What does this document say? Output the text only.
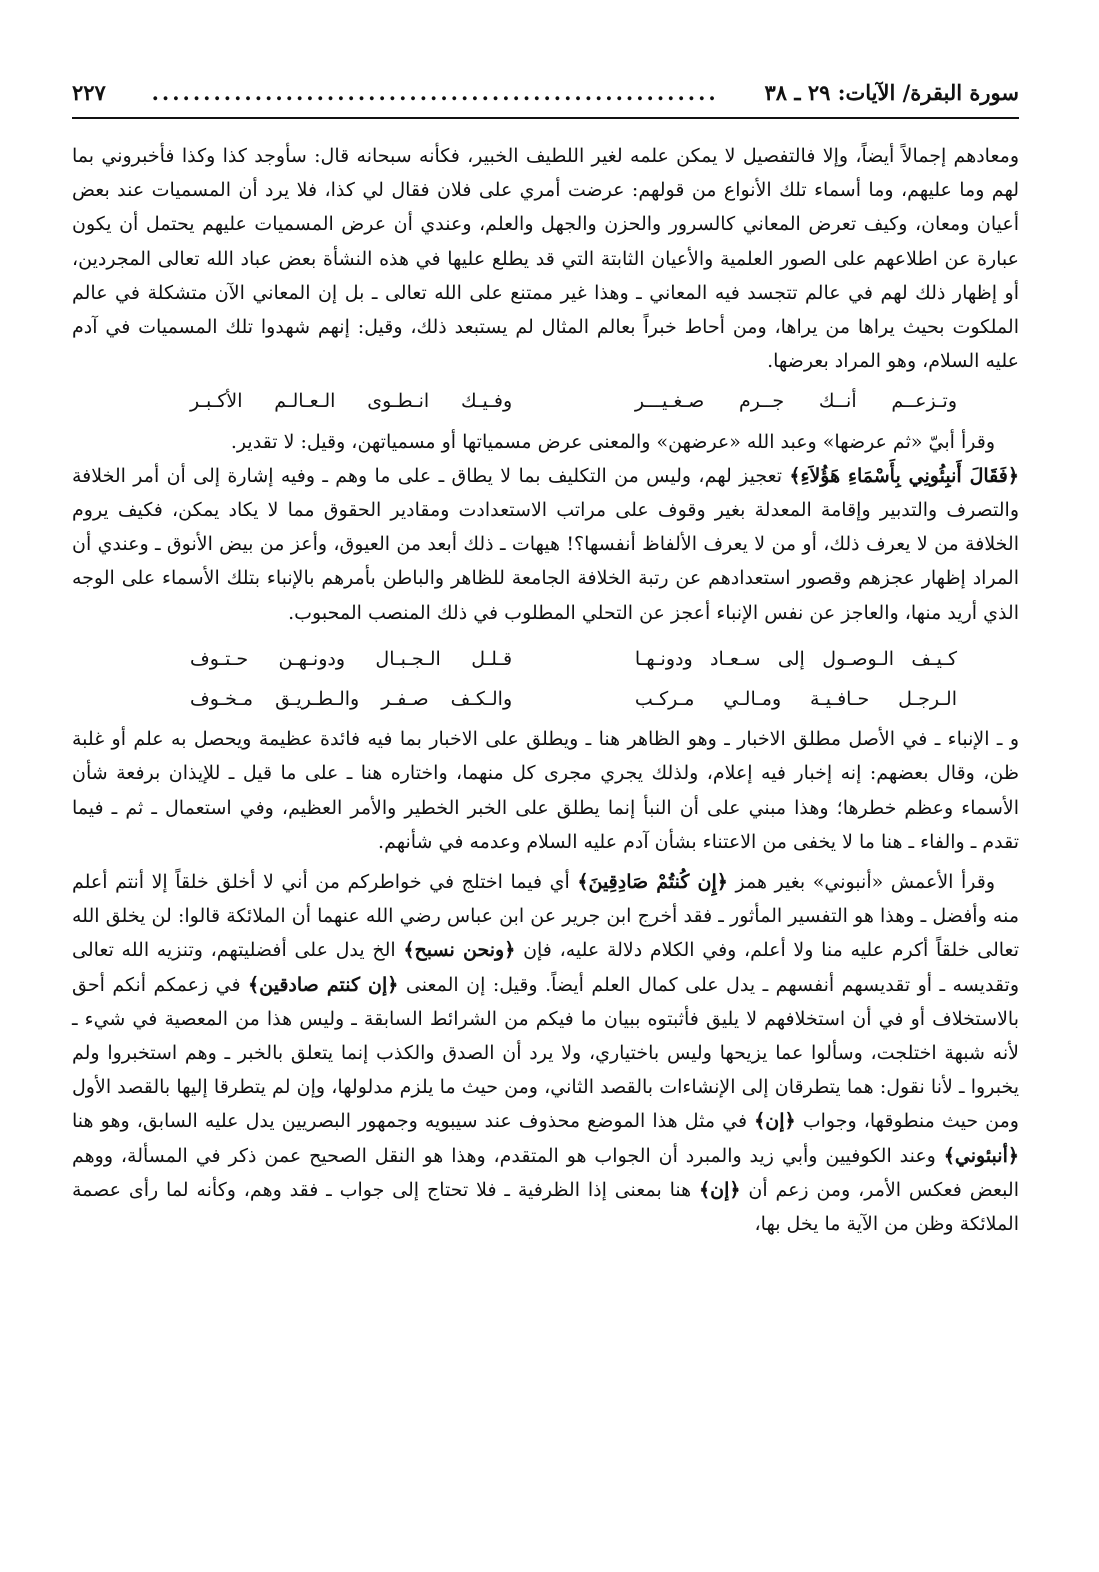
سورة البقرة/ الآيات: ٢٩ ـ ٣٨
.......................................................
٢٢٧

ومعادهم إجمالاً أيضاً، وإلا فالتفصيل لا يمكن علمه لغير اللطيف الخبير، فكأنه سبحانه قال: سأوجد كذا وكذا فأخبروني بما لهم وما عليهم، وما أسماء تلك الأنواع من قولهم: عرضت أمري على فلان فقال لي كذا، فلا يرد أن المسميات عند بعض أعيان ومعان، وكيف تعرض المعاني كالسرور والحزن والجهل والعلم، وعندي أن عرض المسميات عليهم يحتمل أن يكون عبارة عن اطلاعهم على الصور العلمية والأعيان الثابتة التي قد يطلع عليها في هذه النشأة بعض عباد الله تعالى المجردين، أو إظهار ذلك لهم في عالم تتجسد فيه المعاني ـ وهذا غير ممتنع على الله تعالى ـ بل إن المعاني الآن متشكلة في عالم الملكوت بحيث يراها من يراها، ومن أحاط خبراً بعالم المثال لم يستبعد ذلك، وقيل: إنهم شهدوا تلك المسميات في آدم عليه السلام، وهو المراد بعرضها.

وتـزعــم أنــك جــرم صـغـيـــر
وفـيـك انـطـوى الـعـالـم الأكـبـر

وقرأ أبيّ «ثم عرضها» وعبد الله «عرضهن» والمعنى عرض مسمياتها أو مسمياتهن، وقيل: لا تقدير.

﴿فَقَالَ أَنبِئُونِي بِأَسْمَاءِ هَؤُلاَءِ﴾ تعجيز لهم، وليس من التكليف بما لا يطاق ـ على ما وهم ـ وفيه إشارة إلى أن أمر الخلافة والتصرف والتدبير وإقامة المعدلة بغير وقوف على مراتب الاستعدادت ومقادير الحقوق مما لا يكاد يمكن، فكيف يروم الخلافة من لا يعرف ذلك، أو من لا يعرف الألفاظ أنفسها؟! هيهات ـ ذلك أبعد من العيوق، وأعز من بيض الأنوق ـ وعندي أن المراد إظهار عجزهم وقصور استعدادهم عن رتبة الخلافة الجامعة للظاهر والباطن بأمرهم بالإنباء بتلك الأسماء على الوجه الذي أريد منها، والعاجز عن نفس الإنباء أعجز عن التحلي المطلوب في ذلك المنصب المحبوب.

كـيـف الـوصـول إلى سـعـاد ودونـهـا
قـلـل الـجـبـال ودونـهـن حـتـوف
الـرجـل حـافـيـة ومـالـي مـركـب
والـكـف صـفـر والـطـريـق مـخـوف

و ـ الإنباء ـ في الأصل مطلق الاخبار ـ وهو الظاهر هنا ـ ويطلق على الاخبار بما فيه فائدة عظيمة ويحصل به علم أو غلبة ظن، وقال بعضهم: إنه إخبار فيه إعلام، ولذلك يجري مجرى كل منهما، واختاره هنا ـ على ما قيل ـ للإيذان برفعة شأن الأسماء وعظم خطرها؛ وهذا مبني على أن النبأ إنما يطلق على الخبر الخطير والأمر العظيم، وفي استعمال ـ ثم ـ فيما تقدم ـ والفاء ـ هنا ما لا يخفى من الاعتناء بشأن آدم عليه السلام وعدمه في شأنهم.

وقرأ الأعمش «أنبوني» بغير همز ﴿إِن كُنتُمْ صَادِقِينَ﴾ أي فيما اختلج في خواطركم من أني لا أخلق خلقاً إلا أنتم أعلم منه وأفضل ـ وهذا هو التفسير المأثور ـ فقد أخرج ابن جرير عن ابن عباس رضي الله عنهما أن الملائكة قالوا: لن يخلق الله تعالى خلقاً أكرم عليه منا ولا أعلم، وفي الكلام دلالة عليه، فإن ﴿ونحن نسبح﴾ الخ يدل على أفضليتهم، وتنزيه الله تعالى وتقديسه ـ أو تقديسهم أنفسهم ـ يدل على كمال العلم أيضاً. وقيل: إن المعنى ﴿إن كنتم صادقين﴾ في زعمكم أنكم أحق بالاستخلاف أو في أن استخلافهم لا يليق فأثبتوه ببيان ما فيكم من الشرائط السابقة ـ وليس هذا من المعصية في شيء ـ لأنه شبهة اختلجت، وسألوا عما يزيحها وليس باختياري، ولا يرد أن الصدق والكذب إنما يتعلق بالخبر ـ وهم استخبروا ولم يخبروا ـ لأنا نقول: هما يتطرقان إلى الإنشاءات بالقصد الثاني، ومن حيث ما يلزم مدلولها، وإن لم يتطرقا إليها بالقصد الأول ومن حيث منطوقها، وجواب ﴿إن﴾ في مثل هذا الموضع محذوف عند سيبويه وجمهور البصريين يدل عليه السابق، وهو هنا ﴿أنبئوني﴾ وعند الكوفيين وأبي زيد والمبرد أن الجواب هو المتقدم، وهذا هو النقل الصحيح عمن ذكر في المسألة، ووهم البعض فعكس الأمر، ومن زعم أن ﴿إن﴾ هنا بمعنى إذا الظرفية ـ فلا تحتاج إلى جواب ـ فقد وهم، وكأنه لما رأى عصمة الملائكة وظن من الآية ما يخل بها،
